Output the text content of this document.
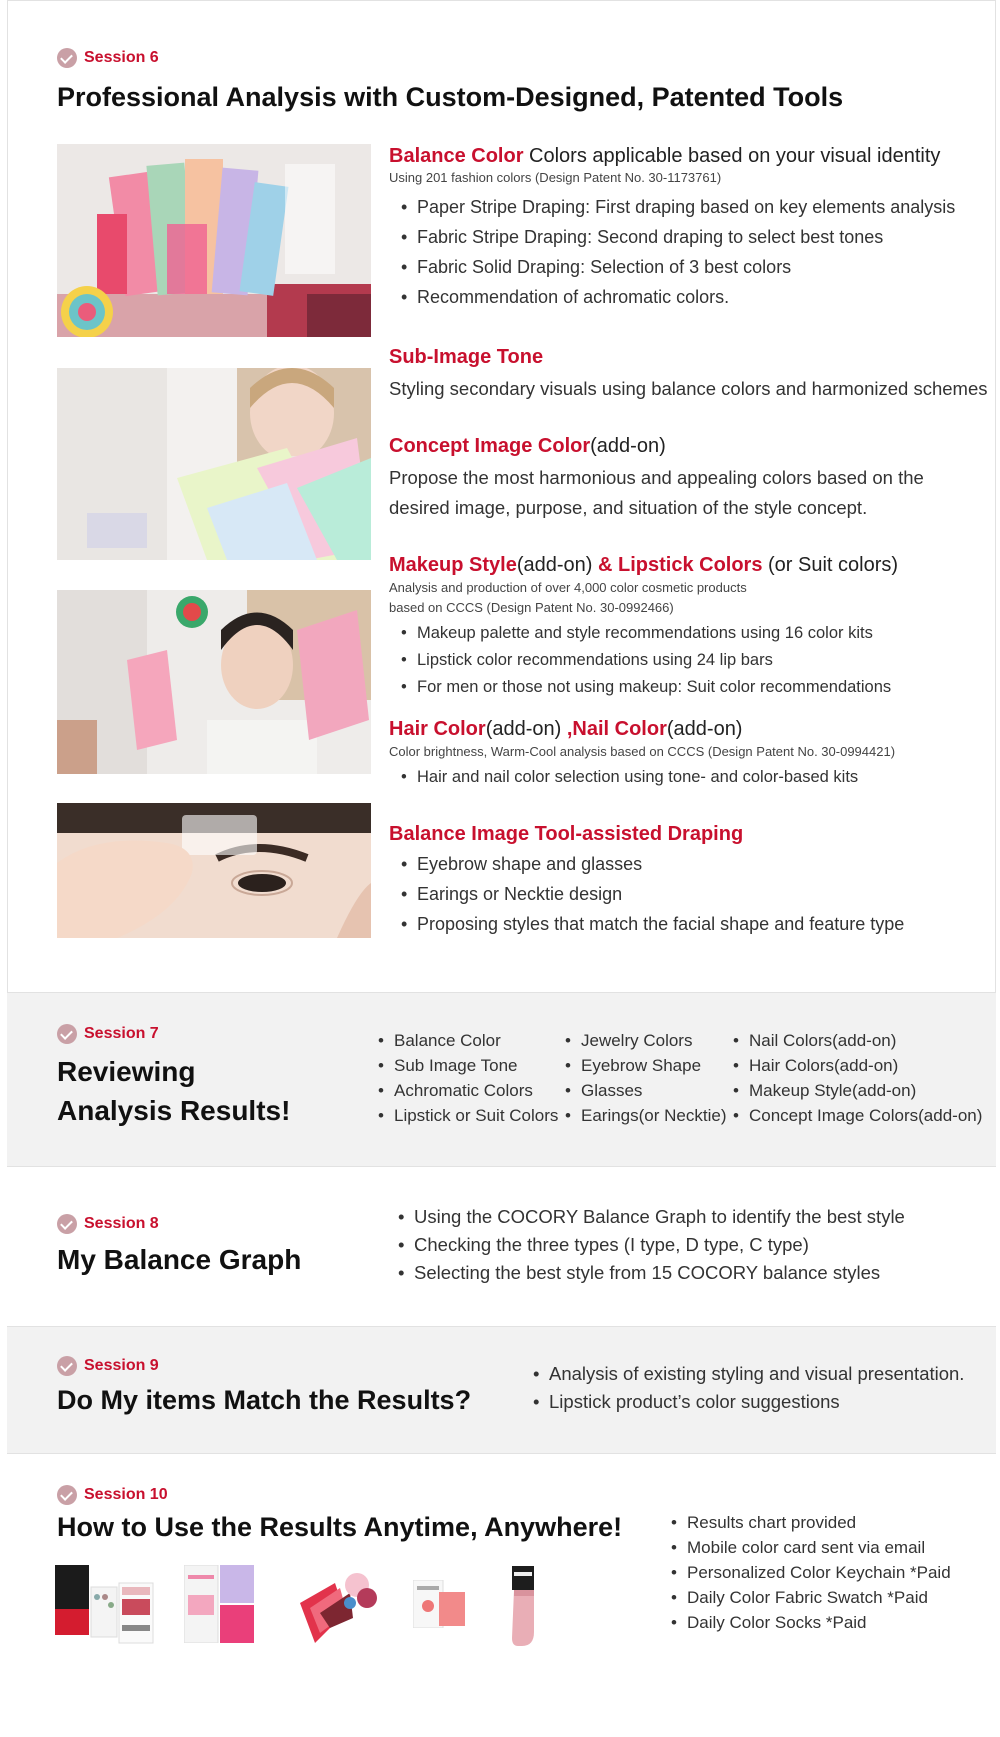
Session 6
Professional Analysis with Custom-Designed, Patented Tools
Balance Color Colors applicable based on your visual identity
Using 201 fashion colors (Design Patent No. 30-1173761)
• Paper Stripe Draping: First draping based on key elements analysis
• Fabric Stripe Draping: Second draping to select best tones
• Fabric Solid Draping: Selection of 3 best colors
• Recommendation of achromatic colors.
Sub-Image Tone
Styling secondary visuals using balance colors and harmonized schemes
Concept Image Color(add-on)
Propose the most harmonious and appealing colors based on the
desired image, purpose, and situation of the style concept.
Makeup Style(add-on) & Lipstick Colors (or Suit colors)
Analysis and production of over 4,000 color cosmetic products
based on CCCS (Design Patent No. 30-0992466)
• Makeup palette and style recommendations using 16 color kits
• Lipstick color recommendations using 24 lip bars
• For men or those not using makeup: Suit color recommendations
Hair Color(add-on) ,Nail Color(add-on)
Color brightness, Warm-Cool analysis based on CCCS (Design Patent No. 30-0994421)
• Hair and nail color selection using tone- and color-based kits
Balance Image Tool-assisted Draping
• Eyebrow shape and glasses
• Earings or Necktie design
• Proposing styles that match the facial shape and feature type
Session 7
Reviewing
Analysis Results!
• Balance Color
• Sub Image Tone
• Achromatic Colors
• Lipstick or Suit Colors
• Jewelry Colors
• Eyebrow Shape
• Glasses
• Earings(or Necktie)
• Nail Colors(add-on)
• Hair Colors(add-on)
• Makeup Style(add-on)
• Concept Image Colors(add-on)
Session 8
My Balance Graph
• Using the COCORY Balance Graph to identify the best style
• Checking the three types (I type, D type, C type)
• Selecting the best style from 15 COCORY balance styles
Session 9
Do My items Match the Results?
• Analysis of existing styling and visual presentation.
• Lipstick product’s color suggestions
Session 10
How to Use the Results Anytime, Anywhere!
•	Results chart provided
• Mobile color card sent via email
• Personalized Color Keychain *Paid
• Daily Color Fabric Swatch *Paid
• Daily Color Socks *Paid
